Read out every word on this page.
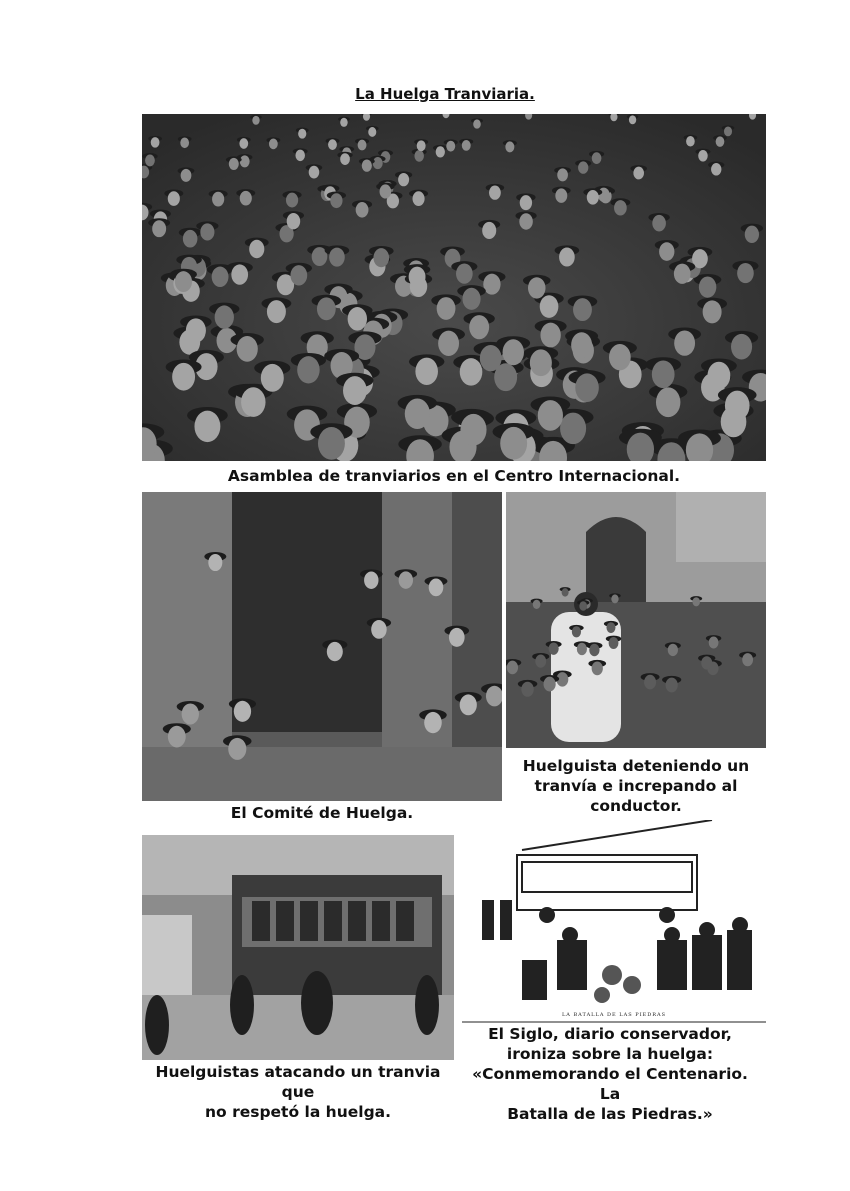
La Huelga Tranviaria.
Asamblea de tranviarios en el Centro Internacional.
El Comité de Huelga.
Huelguista deteniendo un
tranvía e increpando al
conductor.
Huelguistas atacando un tranvia que
no respetó la huelga.
LA BATALLA DE LAS PIEDRAS
El Siglo, diario conservador,
ironiza sobre la huelga:
«Conmemorando el Centenario. La
Batalla de las Piedras.»
